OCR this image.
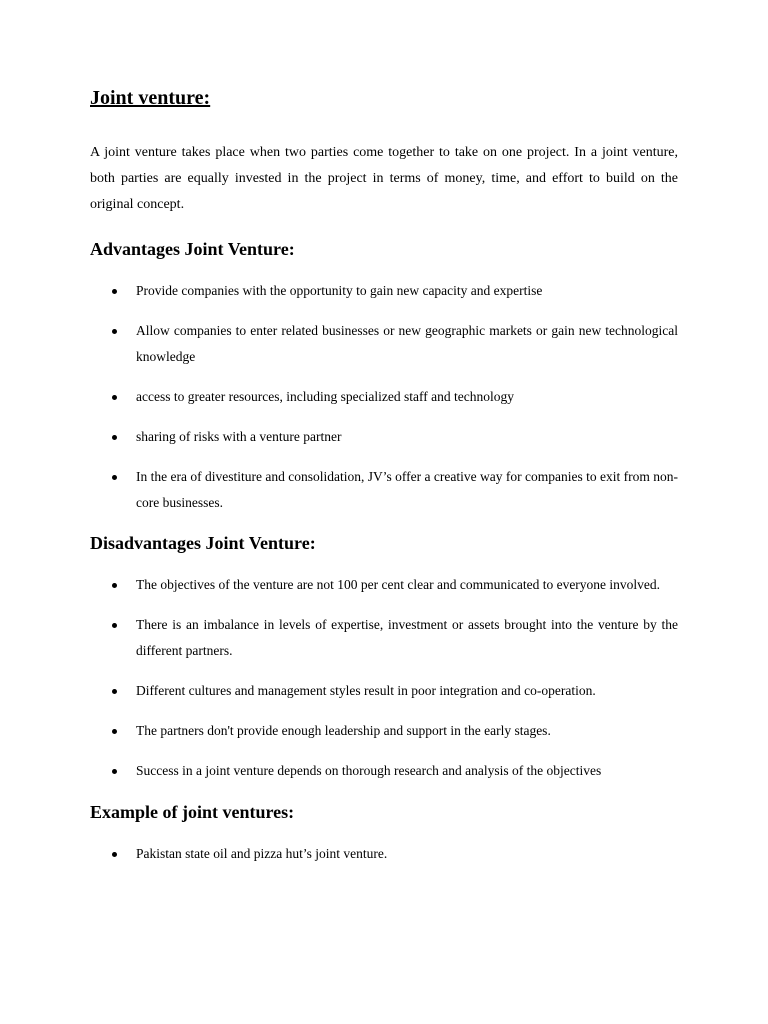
Joint venture:

A joint venture takes place when two parties come together to take on one project. In a joint venture, both parties are equally invested in the project in terms of money, time, and effort to build on the original concept.

Advantages Joint Venture:
Provide companies with the opportunity to gain new capacity and expertise
Allow companies to enter related businesses or new geographic markets or gain new technological knowledge
access to greater resources, including specialized staff and technology
sharing of risks with a venture partner
In the era of divestiture and consolidation, JV’s offer a creative way for companies to exit from non-core businesses.
Disadvantages Joint Venture:
The objectives of the venture are not 100 per cent clear and communicated to everyone involved.
There is an imbalance in levels of expertise, investment or assets brought into the venture by the different partners.
Different cultures and management styles result in poor integration and co-operation.
The partners don't provide enough leadership and support in the early stages.
Success in a joint venture depends on thorough research and analysis of the objectives
Example of joint ventures:
Pakistan state oil and pizza hut’s joint venture.
